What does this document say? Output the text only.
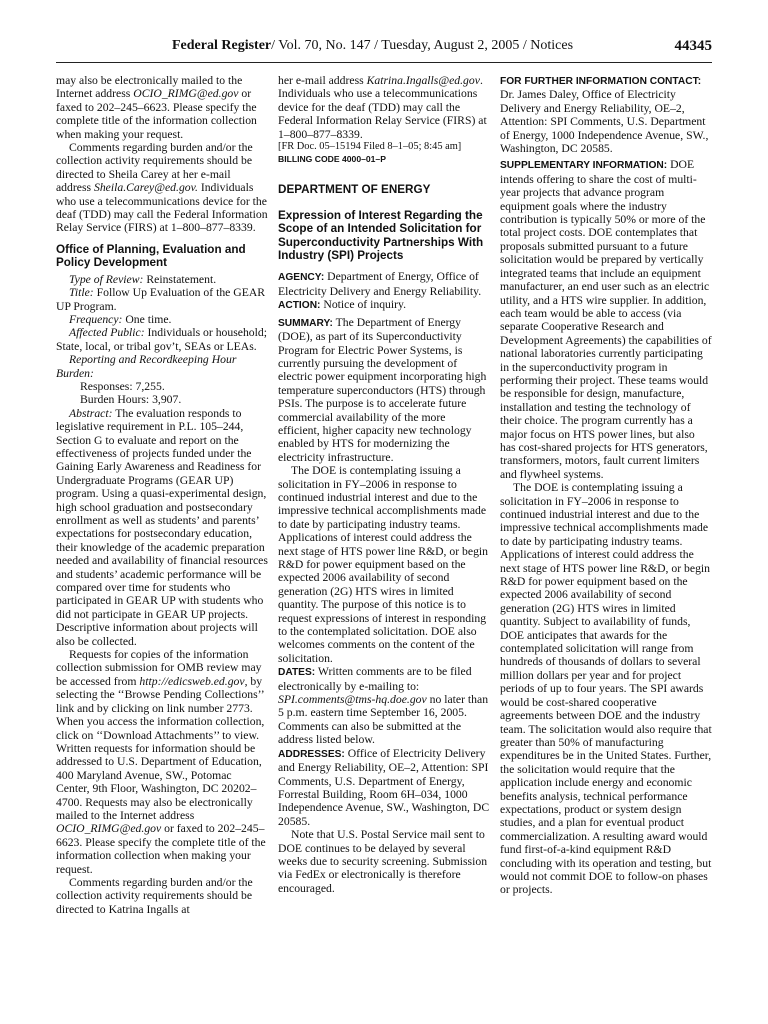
Federal Register/ Vol. 70, No. 147 / Tuesday, August 2, 2005 / Notices	44345

may also be electronically mailed to the Internet address OCIO_RIMG@ed.gov or faxed to 202–245–6623. Please specify the complete title of the information collection when making your request.

Comments regarding burden and/or the collection activity requirements should be directed to Sheila Carey at her e-mail address Sheila.Carey@ed.gov. Individuals who use a telecommunications device for the deaf (TDD) may call the Federal Information Relay Service (FIRS) at 1–800–877–8339.

Office of Planning, Evaluation and Policy Development

Type of Review: Reinstatement.

Title: Follow Up Evaluation of the GEAR UP Program.

Frequency: One time.

Affected Public: Individuals or household; State, local, or tribal gov’t, SEAs or LEAs.

Reporting and Recordkeeping Hour Burden:

Responses: 7,255.

Burden Hours: 3,907.

Abstract: The evaluation responds to legislative requirement in P.L. 105–244, Section G to evaluate and report on the effectiveness of projects funded under the Gaining Early Awareness and Readiness for Undergraduate Programs (GEAR UP) program. Using a quasi-experimental design, high school graduation and postsecondary enrollment as well as students’ and parents’ expectations for postsecondary education, their knowledge of the academic preparation needed and availability of financial resources and students’ academic performance will be compared over time for students who participated in GEAR UP with students who did not participate in GEAR UP projects. Descriptive information about projects will also be collected.

Requests for copies of the information collection submission for OMB review may be accessed from http://edicsweb.ed.gov, by selecting the ‘‘Browse Pending Collections’’ link and by clicking on link number 2773. When you access the information collection, click on ‘‘Download Attachments’’ to view. Written requests for information should be addressed to U.S. Department of Education, 400 Maryland Avenue, SW., Potomac Center, 9th Floor, Washington, DC 20202–4700. Requests may also be electronically mailed to the Internet address OCIO_RIMG@ed.gov or faxed to 202–245–6623. Please specify the complete title of the information collection when making your request.

Comments regarding burden and/or the collection activity requirements should be directed to Katrina Ingalls at

her e-mail address Katrina.Ingalls@ed.gov. Individuals who use a telecommunications device for the deaf (TDD) may call the Federal Information Relay Service (FIRS) at 1–800–877–8339.

[FR Doc. 05–15194 Filed 8–1–05; 8:45 am]

BILLING CODE 4000–01–P

DEPARTMENT OF ENERGY

Expression of Interest Regarding the Scope of an Intended Solicitation for Superconductivity Partnerships With Industry (SPI) Projects

AGENCY: Department of Energy, Office of Electricity Delivery and Energy Reliability.

ACTION: Notice of inquiry.

SUMMARY: The Department of Energy (DOE), as part of its Superconductivity Program for Electric Power Systems, is currently pursuing the development of electric power equipment incorporating high temperature superconductors (HTS) through PSIs. The purpose is to accelerate future commercial availability of the more efficient, higher capacity new technology enabled by HTS for modernizing the electricity infrastructure.

The DOE is contemplating issuing a solicitation in FY–2006 in response to continued industrial interest and due to the impressive technical accomplishments made to date by participating industry teams. Applications of interest could address the next stage of HTS power line R&D, or begin R&D for power equipment based on the expected 2006 availability of second generation (2G) HTS wires in limited quantity. The purpose of this notice is to request expressions of interest in responding to the contemplated solicitation. DOE also welcomes comments on the content of the solicitation.

DATES: Written comments are to be filed electronically by e-mailing to: SPI.comments@tms-hq.doe.gov no later than 5 p.m. eastern time September 16, 2005. Comments can also be submitted at the address listed below.

ADDRESSES: Office of Electricity Delivery and Energy Reliability, OE–2, Attention: SPI Comments, U.S. Department of Energy, Forrestal Building, Room 6H–034, 1000 Independence Avenue, SW., Washington, DC 20585.

Note that U.S. Postal Service mail sent to DOE continues to be delayed by several weeks due to security screening. Submission via FedEx or electronically is therefore encouraged.

FOR FURTHER INFORMATION CONTACT: Dr. James Daley, Office of Electricity Delivery and Energy Reliability, OE–2, Attention: SPI Comments, U.S. Department of Energy, 1000 Independence Avenue, SW., Washington, DC 20585.

SUPPLEMENTARY INFORMATION: DOE intends offering to share the cost of multi-year projects that advance program equipment goals where the industry contribution is typically 50% or more of the total project costs. DOE contemplates that proposals submitted pursuant to a future solicitation would be prepared by vertically integrated teams that include an equipment manufacturer, an end user such as an electric utility, and a HTS wire supplier. In addition, each team would be able to access (via separate Cooperative Research and Development Agreements) the capabilities of national laboratories currently participating in the superconductivity program in performing their project. These teams would be responsible for design, manufacture, installation and testing the technology of their choice. The program currently has a major focus on HTS power lines, but also has cost-shared projects for HTS generators, transformers, motors, fault current limiters and flywheel systems.

The DOE is contemplating issuing a solicitation in FY–2006 in response to continued industrial interest and due to the impressive technical accomplishments made to date by participating industry teams. Applications of interest could address the next stage of HTS power line R&D, or begin R&D for power equipment based on the expected 2006 availability of second generation (2G) HTS wires in limited quantity. Subject to availability of funds, DOE anticipates that awards for the contemplated solicitation will range from hundreds of thousands of dollars to several million dollars per year and for project periods of up to four years. The SPI awards would be cost-shared cooperative agreements between DOE and the industry team. The solicitation would also require that greater than 50% of manufacturing expenditures be in the United States. Further, the solicitation would require that the application include energy and economic benefits analysis, technical performance expectations, product or system design studies, and a plan for eventual product commercialization. A resulting award would fund first-of-a-kind equipment R&D concluding with its operation and testing, but would not commit DOE to follow-on phases or projects.
